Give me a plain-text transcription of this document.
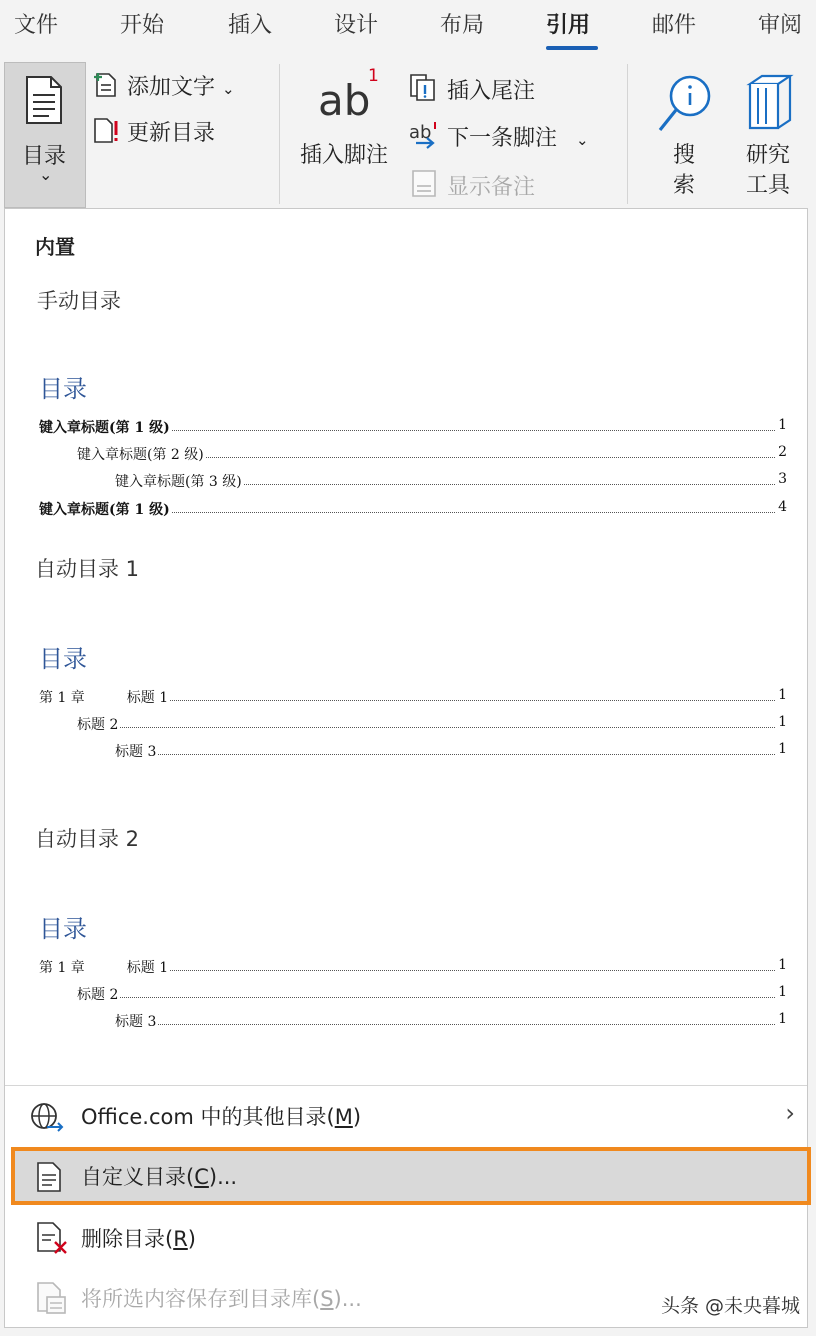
文件	开始	插入	设计	布局	引用	邮件	审阅
目录
⌄
添加文字 ⌄
更新目录
ab
1
插入脚注
插入尾注
ab 下一条脚注 ⌄
显示备注
搜
索
研究
工具
内置
手动目录
目录
键入章标题(第 1 级)	1
键入章标题(第 2 级)	2
键入章标题(第 3 级)	3
键入章标题(第 1 级)	4
自动目录 1
目录
第 1 章　　　标题 1	1
标题 2	1
标题 3	1
自动目录 2
目录
第 1 章　　　标题 1	1
标题 2	1
标题 3	1
Office.com 中的其他目录(M)	›
自定义目录(C)...
删除目录(R)
将所选内容保存到目录库(S)...	头条 @未央暮城
